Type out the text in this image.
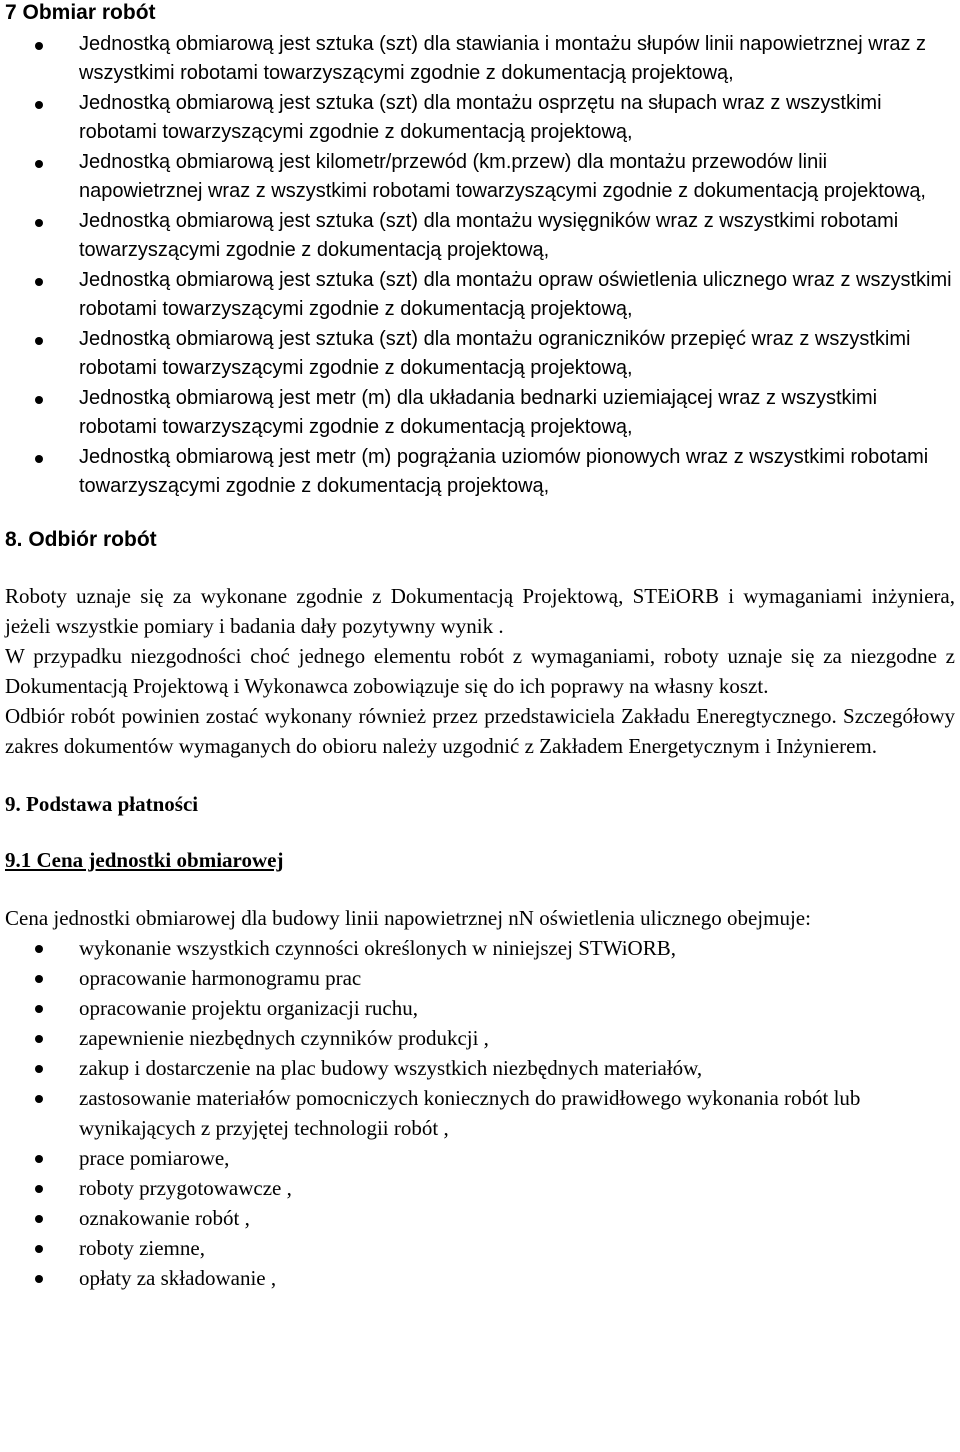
7 Obmiar robót
Jednostką obmiarową jest sztuka (szt) dla stawiania i montażu słupów linii napowietrznej wraz z wszystkimi robotami towarzyszącymi zgodnie z dokumentacją projektową,
Jednostką obmiarową jest sztuka (szt) dla montażu osprzętu na słupach wraz z wszystkimi robotami towarzyszącymi zgodnie z dokumentacją projektową,
Jednostką obmiarową jest kilometr/przewód (km.przew) dla montażu przewodów linii napowietrznej wraz z wszystkimi robotami towarzyszącymi zgodnie z dokumentacją projektową,
Jednostką obmiarową jest sztuka (szt) dla montażu wysięgników wraz z wszystkimi robotami towarzyszącymi zgodnie z dokumentacją projektową,
Jednostką obmiarową jest sztuka (szt) dla montażu opraw oświetlenia ulicznego wraz z wszystkimi robotami towarzyszącymi zgodnie z dokumentacją projektową,
Jednostką obmiarową jest sztuka (szt) dla montażu ograniczników przepięć wraz z wszystkimi robotami towarzyszącymi zgodnie z dokumentacją projektową,
Jednostką obmiarową jest metr (m) dla układania bednarki uziemiającej wraz z wszystkimi robotami towarzyszącymi zgodnie z dokumentacją projektową,
Jednostką obmiarową jest metr (m) pogrążania uziomów pionowych wraz z wszystkimi robotami towarzyszącymi zgodnie z dokumentacją projektową,
8. Odbiór robót

Roboty uznaje się za wykonane zgodnie z Dokumentacją Projektową, STEiORB i wymaganiami inżyniera, jeżeli wszystkie pomiary i badania dały pozytywny wynik .

W przypadku niezgodności choć jednego elementu robót z wymaganiami, roboty uznaje się za niezgodne z Dokumentacją Projektową i Wykonawca zobowiązuje się do ich poprawy na własny koszt.

Odbiór robót powinien zostać wykonany również przez przedstawiciela Zakładu Eneregtycznego. Szczegółowy zakres dokumentów wymaganych do obioru należy uzgodnić z Zakładem Energetycznym i Inżynierem.

9. Podstawa płatności
9.1 Cena jednostki obmiarowej

Cena jednostki obmiarowej dla budowy linii napowietrznej nN oświetlenia ulicznego obejmuje:

wykonanie wszystkich czynności określonych w niniejszej STWiORB,
opracowanie harmonogramu prac
opracowanie projektu organizacji ruchu,
zapewnienie niezbędnych czynników produkcji ,
zakup i dostarczenie na plac budowy wszystkich niezbędnych materiałów,
zastosowanie materiałów pomocniczych koniecznych do prawidłowego wykonania robót lub wynikających z przyjętej technologii robót ,
prace pomiarowe,
roboty przygotowawcze ,
oznakowanie robót ,
roboty ziemne,
opłaty za składowanie ,
